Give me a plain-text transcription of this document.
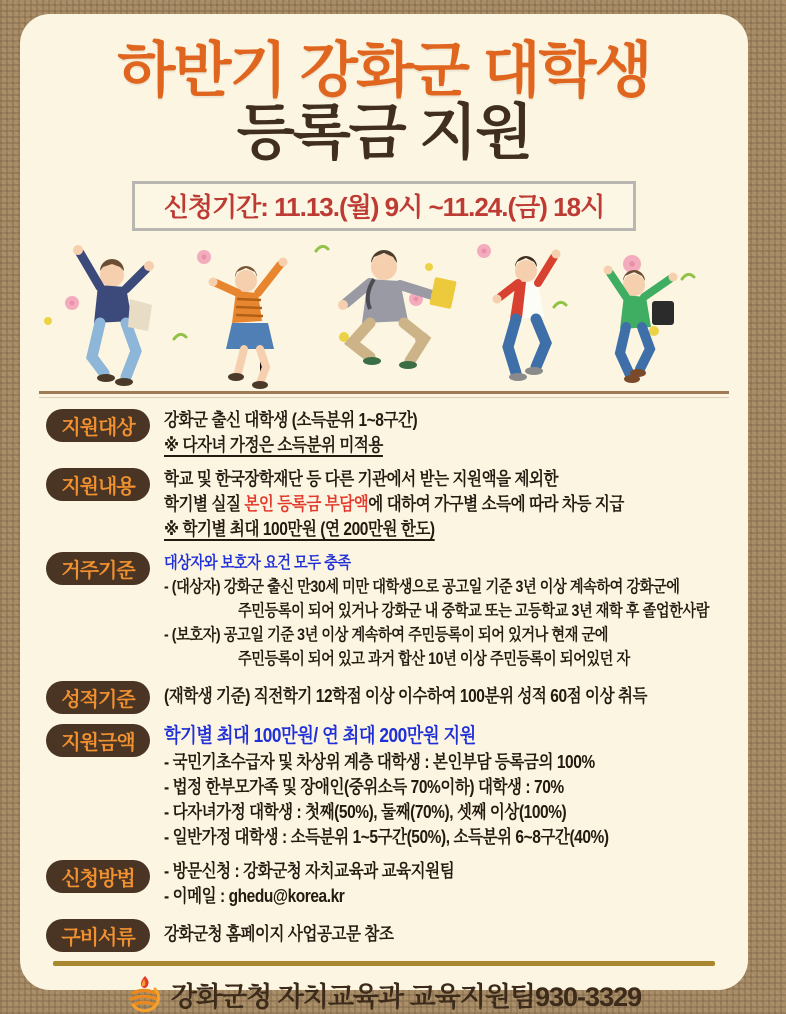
하반기 강화군 대학생
등록금 지원
신청기간: 11.13.(월) 9시 ~11.24.(금) 18시
지원대상	강화군 출신 대학생 (소득분위 1~8구간)
※ 다자녀 가정은 소득분위 미적용
지원내용	학교 및 한국장학재단 등 다른 기관에서 받는 지원액을 제외한
학기별 실질 본인 등록금 부담액에 대하여 가구별 소득에 따라 차등 지급
※ 학기별 최대 100만원 (연 200만원 한도)
거주기준	대상자와 보호자 요건 모두 충족
- (대상자) 강화군 출신 만30세 미만 대학생으로 공고일 기준 3년 이상 계속하여 강화군에
주민등록이 되어 있거나 강화군 내 중학교 또는 고등학교 3년 재학 후 졸업한사람
- (보호자) 공고일 기준 3년 이상 계속하여 주민등록이 되어 있거나 현재 군에
주민등록이 되어 있고 과거 합산 10년 이상 주민등록이 되어있던 자
성적기준	(재학생 기준) 직전학기 12학점 이상 이수하여 100분위 성적 60점 이상 취득
지원금액	학기별 최대 100만원/ 연 최대 200만원 지원
- 국민기초수급자 및 차상위 계층 대학생 : 본인부담 등록금의 100%
- 법정 한부모가족 및 장애인(중위소득 70%이하) 대학생 : 70%
- 다자녀가정 대학생 : 첫째(50%), 둘째(70%), 셋째 이상(100%)
- 일반가정 대학생 : 소득분위 1~5구간(50%), 소득분위 6~8구간(40%)
신청방법	- 방문신청 : 강화군청 자치교육과 교육지원팀
- 이메일 : ghedu@korea.kr
구비서류	강화군청 홈페이지 사업공고문 참조
강화군청 자치교육과 교육지원팀930-3329
